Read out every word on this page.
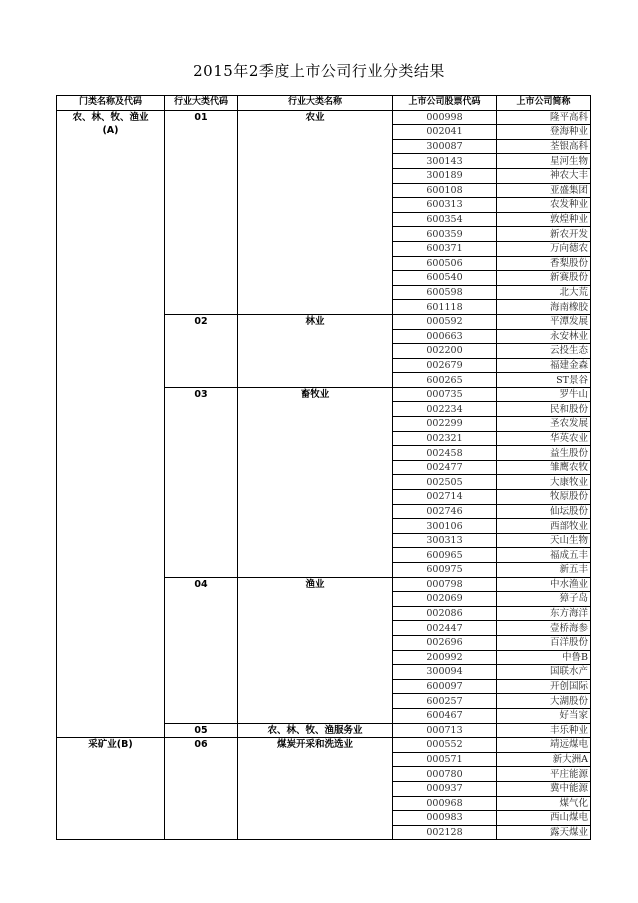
2015年2季度上市公司行业分类结果
门类名称及代码	行业大类代码	行业大类名称	上市公司股票代码	上市公司简称
农、林、牧、渔业
(A)	01	农业	000998	隆平高科
			002041	登海种业
			300087	荃银高科
			300143	星河生物
			300189	神农大丰
			600108	亚盛集团
			600313	农发种业
			600354	敦煌种业
			600359	新农开发
			600371	万向德农
			600506	香梨股份
			600540	新赛股份
			600598	北大荒
			601118	海南橡胶
	02	林业	000592	平潭发展
			000663	永安林业
			002200	云投生态
			002679	福建金森
			600265	ST景谷
	03	畜牧业	000735	罗牛山
			002234	民和股份
			002299	圣农发展
			002321	华英农业
			002458	益生股份
			002477	雏鹰农牧
			002505	大康牧业
			002714	牧原股份
			002746	仙坛股份
			300106	西部牧业
			300313	天山生物
			600965	福成五丰
			600975	新五丰
	04	渔业	000798	中水渔业
			002069	獐子岛
			002086	东方海洋
			002447	壹桥海参
			002696	百洋股份
			200992	中鲁B
			300094	国联水产
			600097	开创国际
			600257	大湖股份
			600467	好当家
	05	农、林、牧、渔服务业	000713	丰乐种业
采矿业(B)	06	煤炭开采和洗选业	000552	靖远煤电
			000571	新大洲A
			000780	平庄能源
			000937	冀中能源
			000968	煤气化
			000983	西山煤电
			002128	露天煤业
